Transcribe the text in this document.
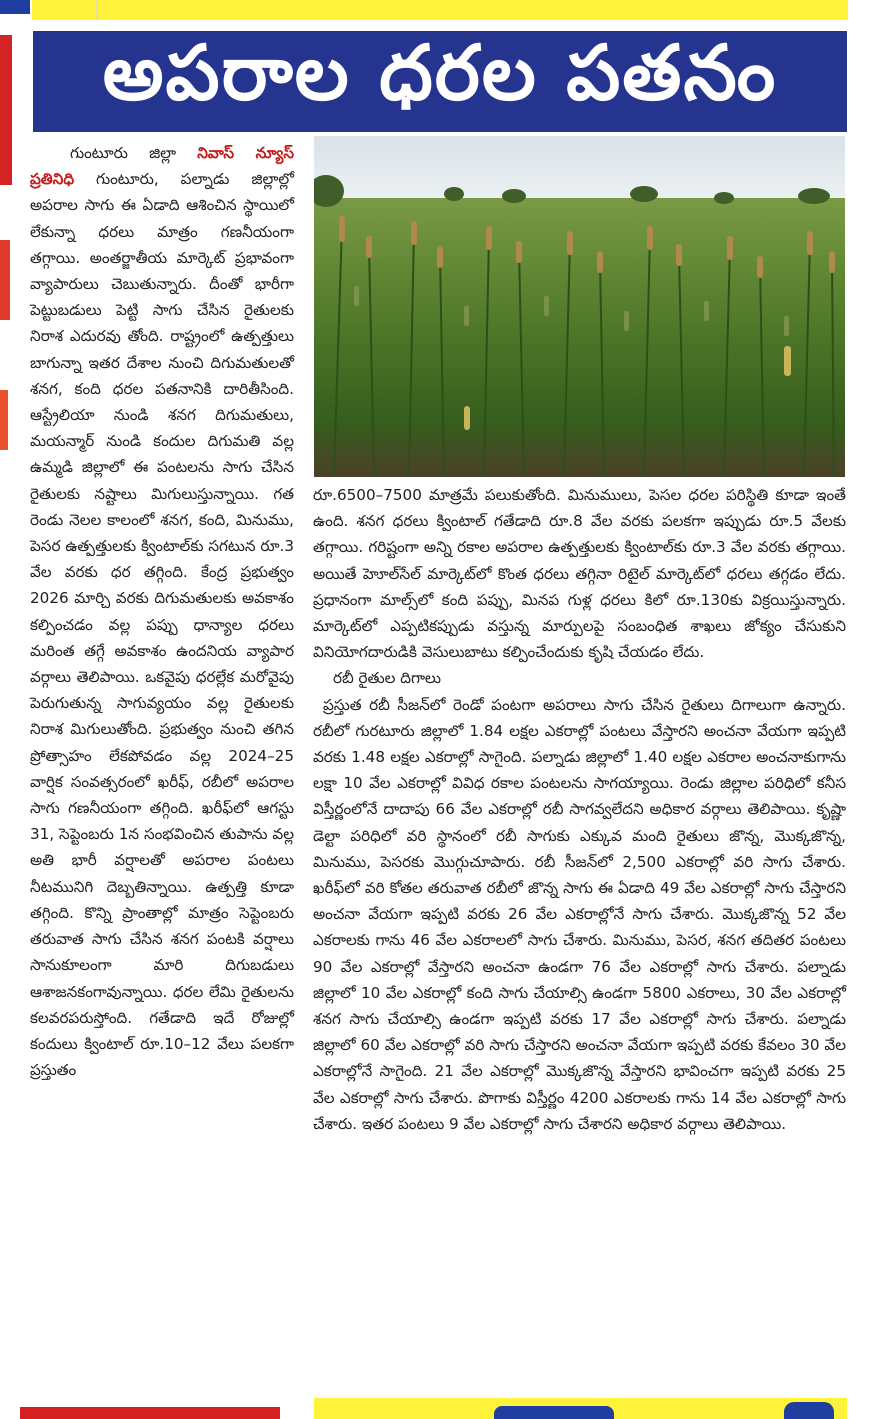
అపరాల ధరల పతనం
గుంటూరు జిల్లా నివాస్ న్యూస్ ప్రతినిధి గుంటూరు, పల్నాడు జిల్లాల్లో అపరాల సాగు ఈ ఏడాది ఆశించిన స్థాయిలో లేకున్నా ధరలు మాత్రం గణనీయంగా తగ్గాయి. అంతర్జాతీయ మార్కెట్ ప్రభావంగా వ్యాపారులు చెబుతున్నారు. దీంతో భారీగా పెట్టుబడులు పెట్టి సాగు చేసిన రైతులకు నిరాశ ఎదురవు తోంది. రాష్ట్రంలో ఉత్పత్తులు బాగున్నా ఇతర దేశాల నుంచి దిగుమతులతో శనగ, కంది ధరల పతనానికి దారితీసింది. ఆస్ట్రేలియా నుండి శనగ దిగుమతులు, మయన్మార్ నుండి కందుల దిగుమతి వల్ల ఉమ్మడి జిల్లాలో ఈ పంటలను సాగు చేసిన రైతులకు నష్టాలు మిగులుస్తున్నాయి. గత రెండు నెలల కాలంలో శనగ, కంది, మినుము, పెసర ఉత్పత్తులకు క్వింటాల్‌కు సగటున రూ.3 వేల వరకు ధర తగ్గింది. కేంద్ర ప్రభుత్వం 2026 మార్చి వరకు దిగుమతులకు అవకాశం కల్పించడం వల్ల పప్పు ధాన్యాల ధరలు మరింత తగ్గే అవకాశం ఉందనియ వ్యాపార వర్గాలు తెలిపాయి. ఒకవైపు ధరల్లేక మరోవైపు పెరుగుతున్న సాగువ్యయం వల్ల రైతులకు నిరాశ మిగులుతోంది. ప్రభుత్వం నుంచి తగిన ప్రోత్సాహం లేకపోవడం వల్ల 2024–25 వార్షిక సంవత్సరంలో ఖరీఫ్, రబీలో అపరాల సాగు గణనీయంగా తగ్గింది. ఖరీఫ్‌లో ఆగస్టు 31, సెప్టెంబరు 1న సంభవించిన తుపాను వల్ల అతి భారీ వర్షాలతో అపరాల పంటలు నీటమునిగి దెబ్బతిన్నాయి. ఉత్పత్తి కూడా తగ్గింది. కొన్ని ప్రాంతాల్లో మాత్రం సెప్టెంబరు తరువాత సాగు చేసిన శనగ పంటకి వర్షాలు సానుకూలంగా మారి దిగుబడులు ఆశాజనకంగావున్నాయి. ధరల లేమి రైతులను కలవరపరుస్తోంది. గతేడాది ఇదే రోజుల్లో కందులు క్వింటాల్ రూ.10–12 వేలు పలకగా ప్రస్తుతం

రూ.6500–7500 మాత్రమే పలుకుతోంది. మినుములు, పెసల ధరల పరిస్థితి కూడా ఇంతే ఉంది. శనగ ధరలు క్వింటాల్ గతేడాది రూ.8 వేల వరకు పలకగా ఇప్పుడు రూ.5 వేలకు తగ్గాయి. గరిష్టంగా అన్ని రకాల అపరాల ఉత్పత్తులకు క్వింటాల్‌కు రూ.3 వేల వరకు తగ్గాయి. అయితే హెూల్‌సేల్ మార్కెట్‌లో కొంత ధరలు తగ్గినా రిటైల్ మార్కెట్‌లో ధరలు తగ్గడం లేదు. ప్రధానంగా మాల్స్‌లో కంది పప్పు, మినప గుళ్ల ధరలు కిలో రూ.130కు విక్రయిస్తున్నారు. మార్కెట్‌లో ఎప్పటికప్పుడు వస్తున్న మార్పులపై సంబంధిత శాఖలు జోక్యం చేసుకుని వినియోగదారుడికి వెసులుబాటు కల్పించేందుకు కృషి చేయడం లేదు.

రబీ రైతుల దిగాలు

ప్రస్తుత రబీ సీజన్‌లో రెండో పంటగా అపరాలు సాగు చేసిన రైతులు దిగాలుగా ఉన్నారు. రబీలో గురటూరు జిల్లాలో 1.84 లక్షల ఎకరాల్లో పంటలు వేస్తారని అంచనా వేయగా ఇప్పటి వరకు 1.48 లక్షల ఎకరాల్లో సాగైంది. పల్నాడు జిల్లాలో 1.40 లక్షల ఎకరాల అంచనాకుగాను లక్షా 10 వేల ఎకరాల్లో వివిధ రకాల పంటలను సాగయ్యాయి. రెండు జిల్లాల పరిధిలో కనీస విస్తీర్ణంలోనే దాదాపు 66 వేల ఎకరాల్లో రబీ సాగవ్వలేదని అధికార వర్గాలు తెలిపాయి. కృష్ణా డెల్టా పరిధిలో వరి స్థానంలో రబీ సాగుకు ఎక్కువ మంది రైతులు జొన్న, మొక్కజొన్న, మినుము, పెసరకు మొగ్గుచూపారు. రబీ సీజన్‌లో 2,500 ఎకరాల్లో వరి సాగు చేశారు. ఖరీఫ్‌లో వరి కోతల తరువాత రబీలో జొన్న సాగు ఈ ఏడాది 49 వేల ఎకరాల్లో సాగు చేస్తారని అంచనా వేయగా ఇప్పటి వరకు 26 వేల ఎకరాల్లోనే సాగు చేశారు. మొక్కజొన్న 52 వేల ఎకరాలకు గాను 46 వేల ఎకరాలలో సాగు చేశారు. మినుము, పెసర, శనగ తదితర పంటలు 90 వేల ఎకరాల్లో వేస్తారని అంచనా ఉండగా 76 వేల ఎకరాల్లో సాగు చేశారు. పల్నాడు జిల్లాలో 10 వేల ఎకరాల్లో కంది సాగు చేయాల్సి ఉండగా 5800 ఎకరాలు, 30 వేల ఎకరాల్లో శనగ సాగు చేయాల్సి ఉండగా ఇప్పటి వరకు 17 వేల ఎకరాల్లో సాగు చేశారు. పల్నాడు జిల్లాలో 60 వేల ఎకరాల్లో వరి సాగు చేస్తారని అంచనా వేయగా ఇప్పటి వరకు కేవలం 30 వేల ఎకరాల్లోనే సాగైంది. 21 వేల ఎకరాల్లో మొక్కజొన్న వేస్తారని భావించగా ఇప్పటి వరకు 25 వేల ఎకరాల్లో సాగు చేశారు. పొగాకు విస్తీర్ణం 4200 ఎకరాలకు గాను 14 వేల ఎకరాల్లో సాగు చేశారు. ఇతర పంటలు 9 వేల ఎకరాల్లో సాగు చేశారని అధికార వర్గాలు తెలిపాయి.
